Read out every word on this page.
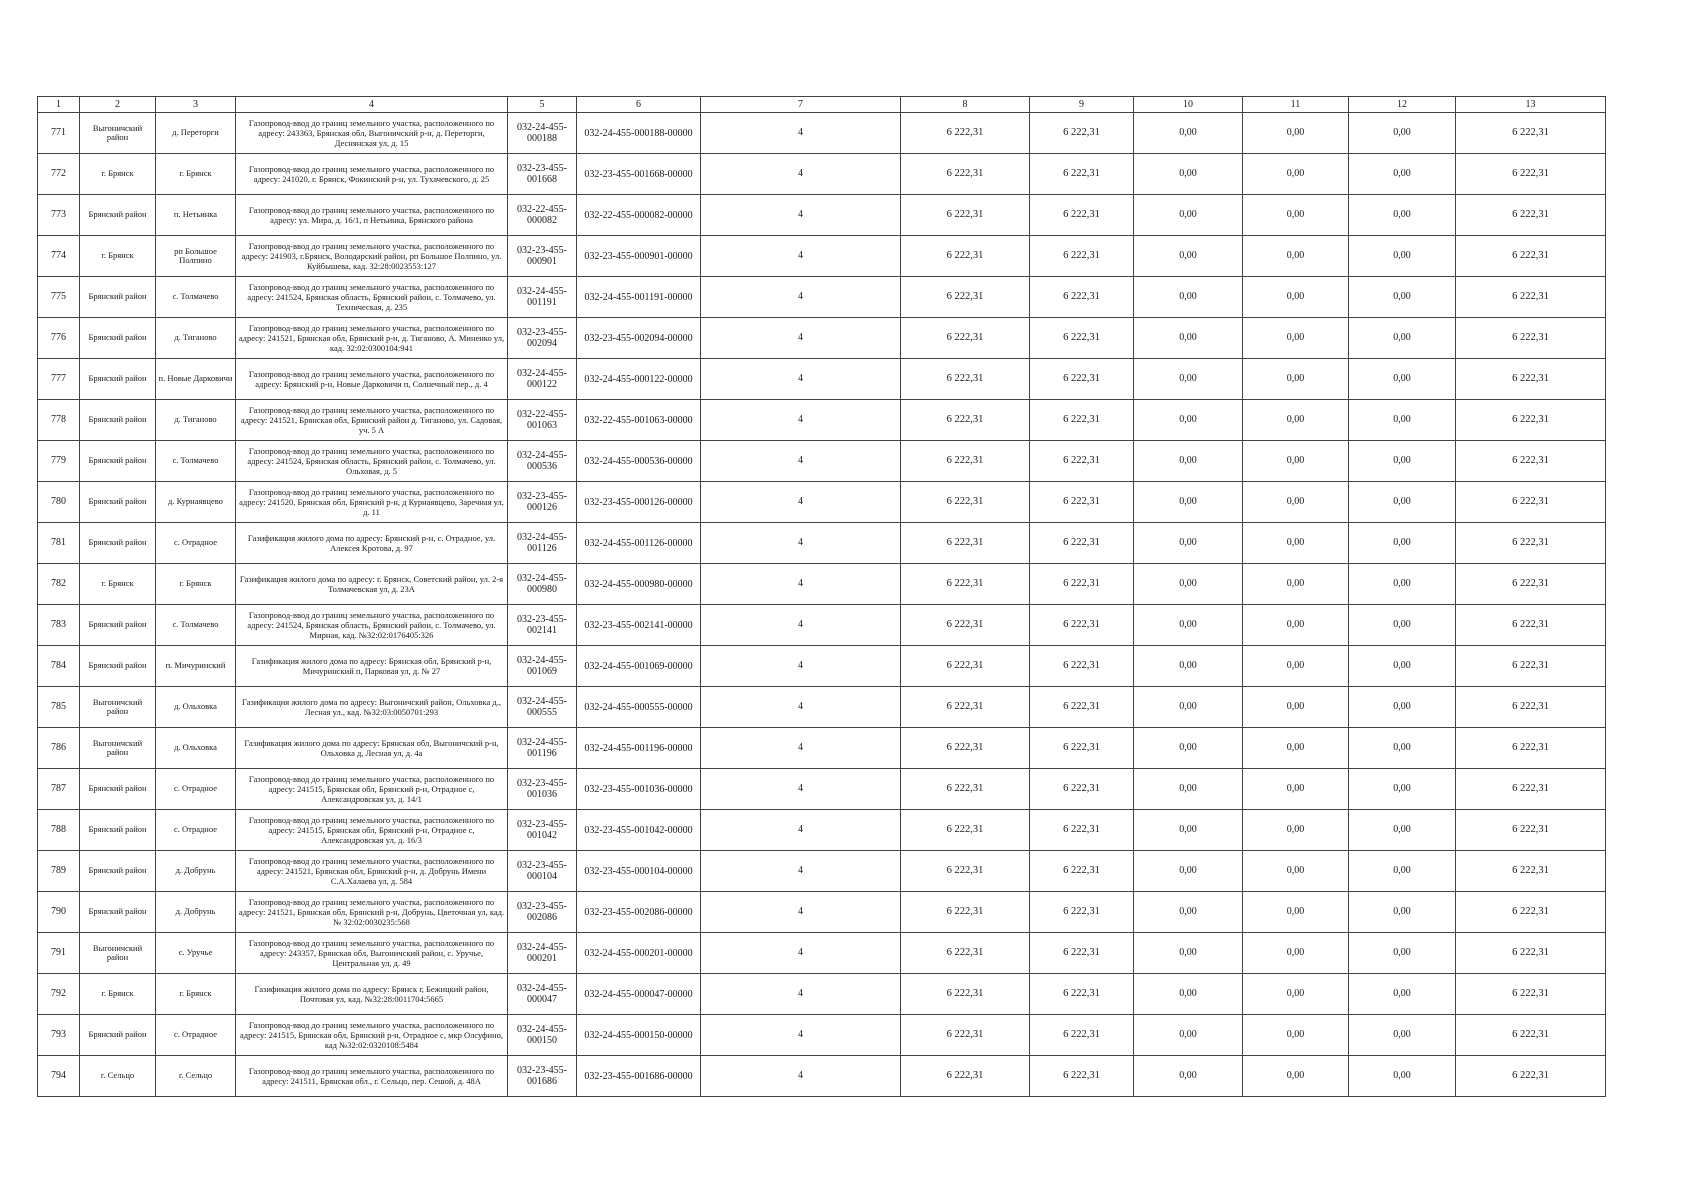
1	2	3	4	5	6	7	8	9	10	11	12	13
771	Выгоничский район	д. Переторги	Газопровод-ввод до границ земельного участка, расположенного по адресу: 243363, Брянская обл, Выгоничский р-н, д. Переторги, Деснянская ул, д. 15	032-24-455-000188	032-24-455-000188-00000	4	6 222,31	6 222,31	0,00	0,00	0,00	6 222,31
772	г. Брянск	г. Брянск	Газопровод-ввод до границ земельного участка, расположенного по адресу: 241020, г. Брянск, Фокинский р-н, ул. Тухачевского, д. 25	032-23-455-001668	032-23-455-001668-00000	4	6 222,31	6 222,31	0,00	0,00	0,00	6 222,31
773	Брянский район	п. Нетьинка	Газопровод-ввод до границ земельного участка, расположенного по адресу: ул. Мира, д. 16/1, п Нетьинка, Брянского района	032-22-455-000082	032-22-455-000082-00000	4	6 222,31	6 222,31	0,00	0,00	0,00	6 222,31
774	г. Брянск	рп Большое Полпино	Газопровод-ввод до границ земельного участка, расположенного по адресу: 241903, г.Брянск, Володарский район, рп Большое Полпино, ул. Куйбышева, кад. 32:28:0023553:127	032-23-455-000901	032-23-455-000901-00000	4	6 222,31	6 222,31	0,00	0,00	0,00	6 222,31
775	Брянский район	с. Толмачево	Газопровод-ввод до границ земельного участка, расположенного по адресу: 241524, Брянская область, Брянский район, с. Толмачево, ул. Техническая, д. 235	032-24-455-001191	032-24-455-001191-00000	4	6 222,31	6 222,31	0,00	0,00	0,00	6 222,31
776	Брянский район	д. Тиганово	Газопровод-ввод до границ земельного участка, расположенного по адресу: 241521, Брянская обл, Брянский р-н, д. Тиганово, А. Миненко ул, кад. 32:02:0300104:941	032-23-455-002094	032-23-455-002094-00000	4	6 222,31	6 222,31	0,00	0,00	0,00	6 222,31
777	Брянский район	п. Новые Дарковичи	Газопровод-ввод до границ земельного участка, расположенного по адресу: Брянский р-н, Новые Дарковичи п, Солнечный пер., д. 4	032-24-455-000122	032-24-455-000122-00000	4	6 222,31	6 222,31	0,00	0,00	0,00	6 222,31
778	Брянский район	д. Тиганово	Газопровод-ввод до границ земельного участка, расположенного по адресу: 241521, Брянская обл, Брянский район д. Тиганово, ул. Садовая, уч. 5 А	032-22-455-001063	032-22-455-001063-00000	4	6 222,31	6 222,31	0,00	0,00	0,00	6 222,31
779	Брянский район	с. Толмачево	Газопровод-ввод до границ земельного участка, расположенного по адресу: 241524, Брянская область, Брянский район, с. Толмачево, ул. Ольховая, д. 5	032-24-455-000536	032-24-455-000536-00000	4	6 222,31	6 222,31	0,00	0,00	0,00	6 222,31
780	Брянский район	д. Курнаявцево	Газопровод-ввод до границ земельного участка, расположенного по адресу: 241520, Брянская обл, Брянский р-н, д Курнаявцево, Заречная ул, д. 11	032-23-455-000126	032-23-455-000126-00000	4	6 222,31	6 222,31	0,00	0,00	0,00	6 222,31
781	Брянский район	с. Отрадное	Газификация жилого дома по адресу: Брянский р-н, с. Отрадное, ул. Алексея Кротова, д. 97	032-24-455-001126	032-24-455-001126-00000	4	6 222,31	6 222,31	0,00	0,00	0,00	6 222,31
782	г. Брянск	г. Брянск	Газификация жилого дома по адресу: г. Брянск, Советский район, ул. 2-я Толмачевская ул, д. 23А	032-24-455-000980	032-24-455-000980-00000	4	6 222,31	6 222,31	0,00	0,00	0,00	6 222,31
783	Брянский район	с. Толмачево	Газопровод-ввод до границ земельного участка, расположенного по адресу: 241524, Брянская область, Брянский район, с. Толмачево, ул. Мирная, кад. №32:02:0176405:326	032-23-455-002141	032-23-455-002141-00000	4	6 222,31	6 222,31	0,00	0,00	0,00	6 222,31
784	Брянский район	п. Мичуринский	Газификация жилого дома по адресу: Брянская обл, Брянский р-н, Мичуринский п, Парковая ул, д. № 27	032-24-455-001069	032-24-455-001069-00000	4	6 222,31	6 222,31	0,00	0,00	0,00	6 222,31
785	Выгоничский район	д. Ольховка	Газификация жилого дома по адресу: Выгоничский район, Ольховка д., Лесная ул., кад. №32:03:0050701:293	032-24-455-000555	032-24-455-000555-00000	4	6 222,31	6 222,31	0,00	0,00	0,00	6 222,31
786	Выгоничский район	д. Ольховка	Газификация жилого дома по адресу: Брянская обл, Выгоничский р-н, Ольховка д, Лесная ул, д. 4а	032-24-455-001196	032-24-455-001196-00000	4	6 222,31	6 222,31	0,00	0,00	0,00	6 222,31
787	Брянский район	с. Отрадное	Газопровод-ввод до границ земельного участка, расположенного по адресу: 241515, Брянская обл, Брянский р-н, Отрадное с, Александровская ул, д. 14/1	032-23-455-001036	032-23-455-001036-00000	4	6 222,31	6 222,31	0,00	0,00	0,00	6 222,31
788	Брянский район	с. Отрадное	Газопровод-ввод до границ земельного участка, расположенного по адресу: 241515, Брянская обл, Брянский р-н, Отрадное с, Александровская ул, д. 16/3	032-23-455-001042	032-23-455-001042-00000	4	6 222,31	6 222,31	0,00	0,00	0,00	6 222,31
789	Брянский район	д. Добрунь	Газопровод-ввод до границ земельного участка, расположенного по адресу: 241521, Брянская обл, Брянский р-н, д. Добрунь Имени С.А.Халаева ул, д. 584	032-23-455-000104	032-23-455-000104-00000	4	6 222,31	6 222,31	0,00	0,00	0,00	6 222,31
790	Брянский район	д. Добрунь	Газопровод-ввод до границ земельного участка, расположенного по адресу: 241521, Брянская обл, Брянский р-н, Добрунь, Цветочная ул, кад. № 32:02:0030235:568	032-23-455-002086	032-23-455-002086-00000	4	6 222,31	6 222,31	0,00	0,00	0,00	6 222,31
791	Выгоничский район	с. Уручье	Газопровод-ввод до границ земельного участка, расположенного по адресу: 243357, Брянская обл, Выгоничский район, с. Уручье, Центральная ул, д. 49	032-24-455-000201	032-24-455-000201-00000	4	6 222,31	6 222,31	0,00	0,00	0,00	6 222,31
792	г. Брянск	г. Брянск	Газификация жилого дома по адресу: Брянск г, Бежицкий район, Почтовая ул, кад. №32:28:0011704:5665	032-24-455-000047	032-24-455-000047-00000	4	6 222,31	6 222,31	0,00	0,00	0,00	6 222,31
793	Брянский район	с. Отрадное	Газопровод-ввод до границ земельного участка, расположенного по адресу: 241515, Брянская обл, Брянский р-н, Отрадное с, мкр Олсуфино, кад №32:02:0320108:5484	032-24-455-000150	032-24-455-000150-00000	4	6 222,31	6 222,31	0,00	0,00	0,00	6 222,31
794	г. Сельцо	г. Сельцо	Газопровод-ввод до границ земельного участка, расположенного по адресу: 241511, Брянская обл., г. Сельцо, пер. Сешой, д. 48А	032-23-455-001686	032-23-455-001686-00000	4	6 222,31	6 222,31	0,00	0,00	0,00	6 222,31
